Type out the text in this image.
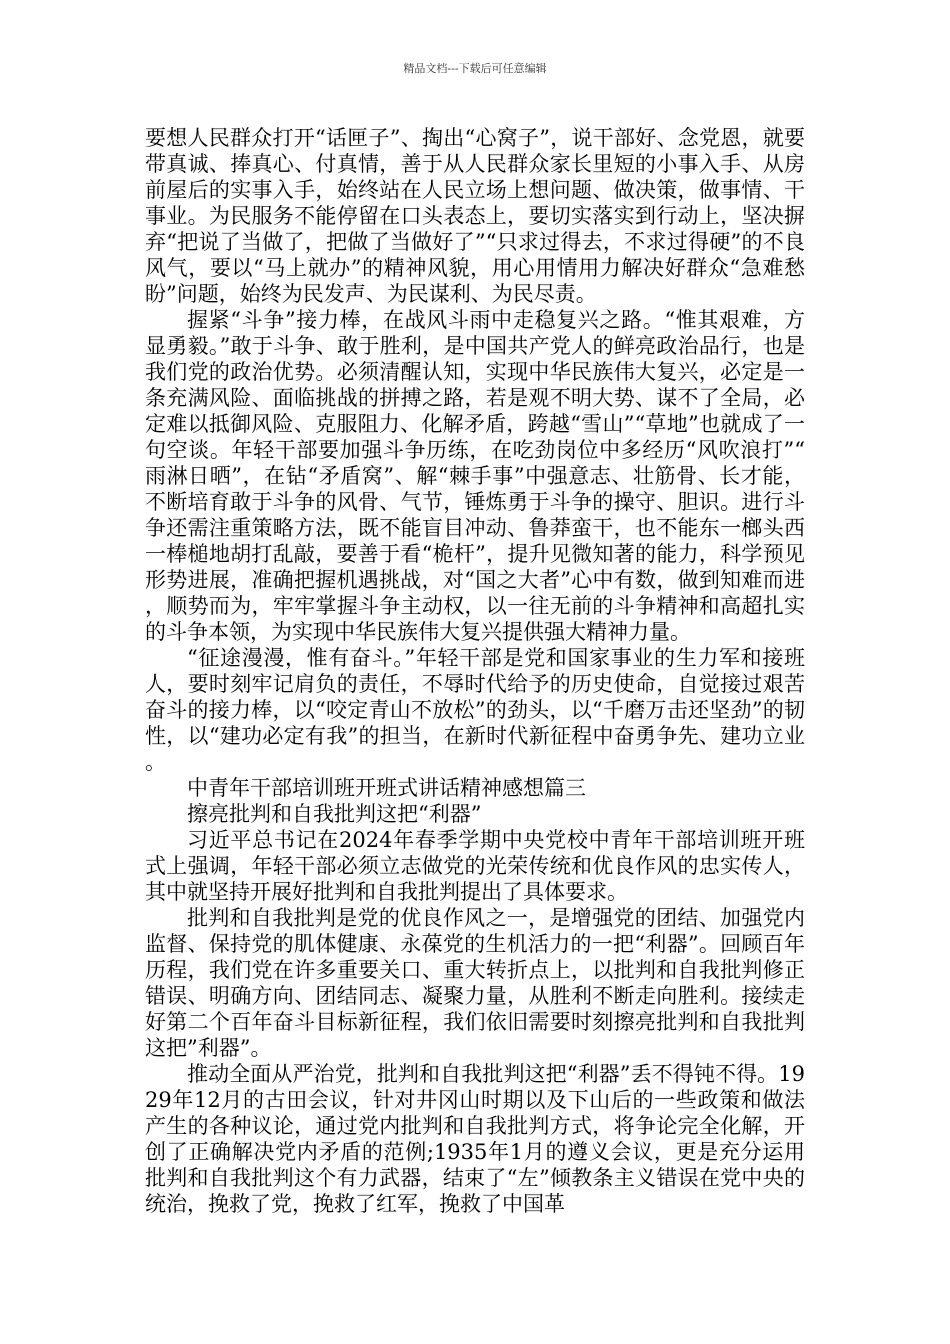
精品文档---下载后可任意编辑

要想人民群众打开“话匣子”、掏出“心窝子”，说干部好、念党恩，就要带真诚、捧真心、付真情，善于从人民群众家长里短的小事入手、从房前屋后的实事入手，始终站在人民立场上想问题、做决策，做事情、干事业。为民服务不能停留在口头表态上，要切实落实到行动上，坚决摒弃“把说了当做了，把做了当做好了”“只求过得去，不求过得硬”的不良风气，要以“马上就办”的精神风貌，用心用情用力解决好群众“急难愁盼”问题，始终为民发声、为民谋利、为民尽责。

握紧“斗争”接力棒，在战风斗雨中走稳复兴之路。“惟其艰难，方显勇毅。”敢于斗争、敢于胜利，是中国共产党人的鲜亮政治品行，也是我们党的政治优势。必须清醒认知，实现中华民族伟大复兴，必定是一条充满风险、面临挑战的拼搏之路，若是观不明大势、谋不了全局，必定难以抵御风险、克服阻力、化解矛盾，跨越“雪山”“草地”也就成了一句空谈。年轻干部要加强斗争历练，在吃劲岗位中多经历“风吹浪打”“雨淋日晒”，在钻“矛盾窝”、解“棘手事”中强意志、壮筋骨、长才能，不断培育敢于斗争的风骨、气节，锤炼勇于斗争的操守、胆识。进行斗争还需注重策略方法，既不能盲目冲动、鲁莽蛮干，也不能东一榔头西一棒槌地胡打乱敲，要善于看“桅杆”，提升见微知著的能力，科学预见形势进展，准确把握机遇挑战，对“国之大者”心中有数，做到知难而进，顺势而为，牢牢掌握斗争主动权，以一往无前的斗争精神和高超扎实的斗争本领，为实现中华民族伟大复兴提供强大精神力量。

“征途漫漫，惟有奋斗。”年轻干部是党和国家事业的生力军和接班人，要时刻牢记肩负的责任，不辱时代给予的历史使命，自觉接过艰苦奋斗的接力棒，以“咬定青山不放松”的劲头，以“千磨万击还坚劲”的韧性，以“建功必定有我”的担当，在新时代新征程中奋勇争先、建功立业。

中青年干部培训班开班式讲话精神感想篇三

擦亮批判和自我批判这把“利器”

习近平总书记在2024年春季学期中央党校中青年干部培训班开班式上强调，年轻干部必须立志做党的光荣传统和优良作风的忠实传人，其中就坚持开展好批判和自我批判提出了具体要求。

批判和自我批判是党的优良作风之一，是增强党的团结、加强党内监督、保持党的肌体健康、永葆党的生机活力的一把“利器”。回顾百年历程，我们党在许多重要关口、重大转折点上，以批判和自我批判修正错误、明确方向、团结同志、凝聚力量，从胜利不断走向胜利。接续走好第二个百年奋斗目标新征程，我们依旧需要时刻擦亮批判和自我批判这把”利器”。

推动全面从严治党，批判和自我批判这把“利器”丢不得钝不得。1929年12月的古田会议，针对井冈山时期以及下山后的一些政策和做法产生的各种议论，通过党内批判和自我批判方式，将争论完全化解，开创了正确解决党内矛盾的范例;1935年1月的遵义会议，更是充分运用批判和自我批判这个有力武器，结束了“左”倾教条主义错误在党中央的统治，挽救了党，挽救了红军，挽救了中国革
